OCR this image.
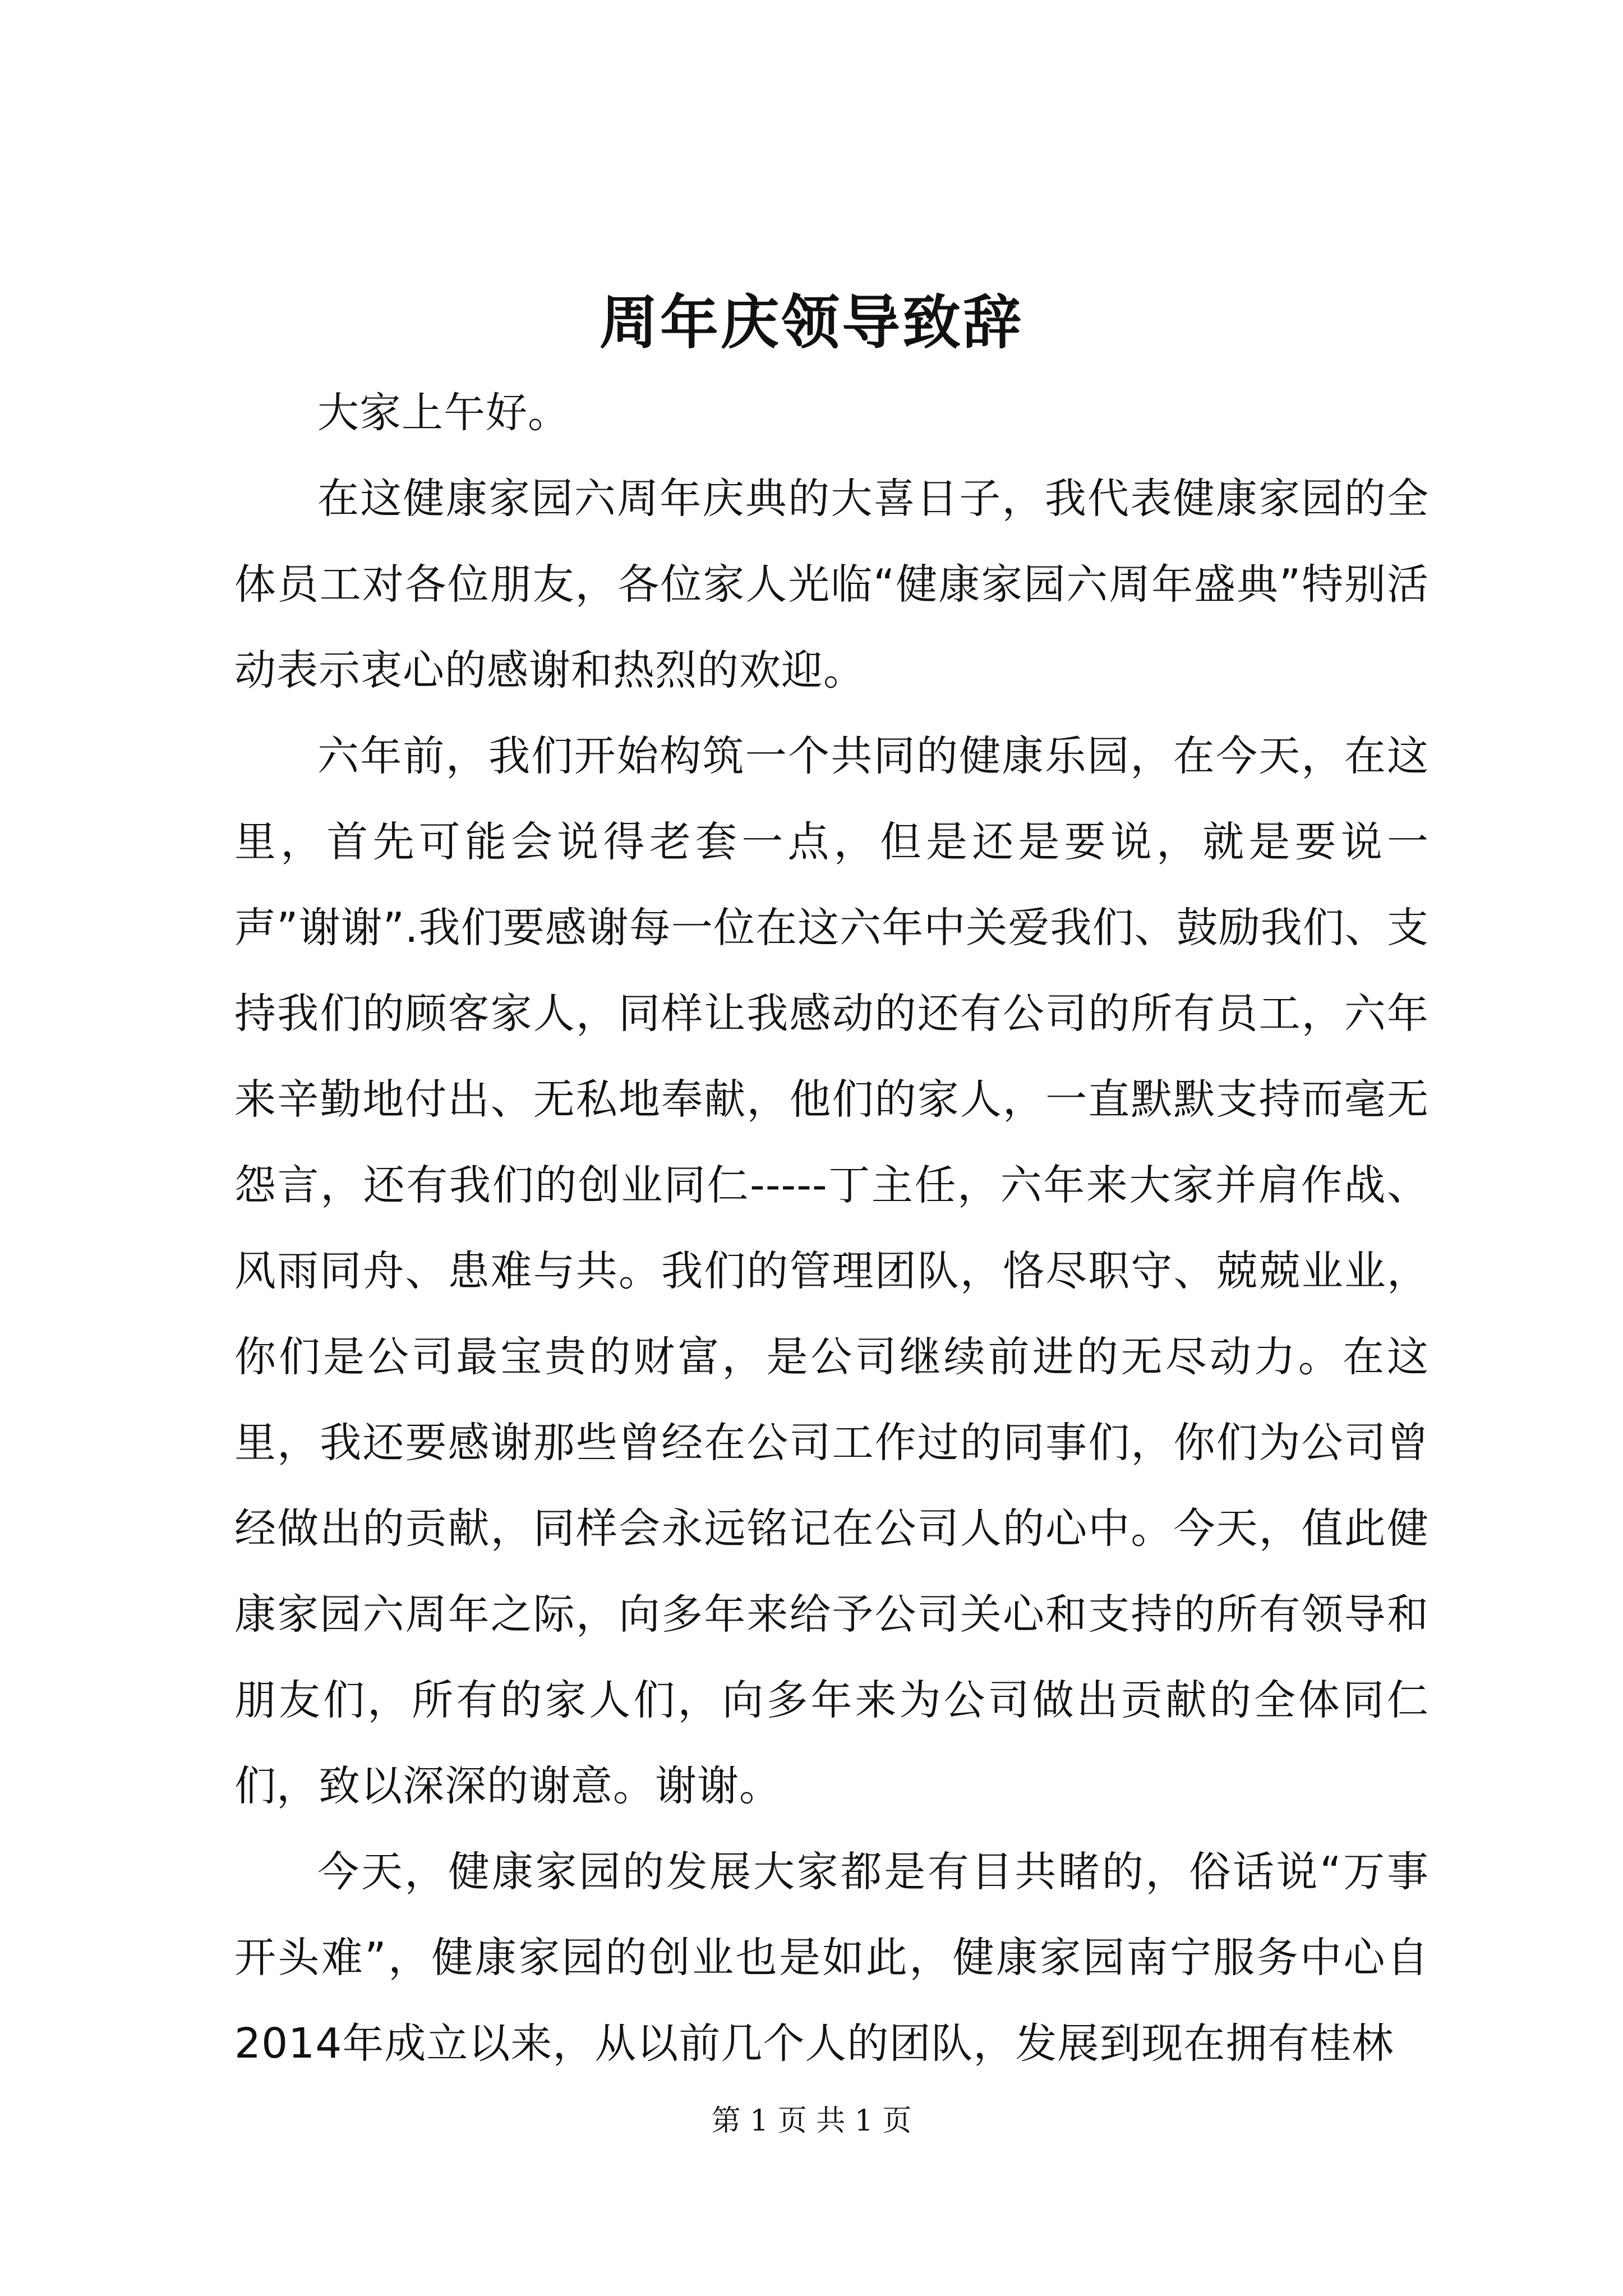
周年庆领导致辞

大家上午好。

在这健康家园六周年庆典的大喜日子，我代表健康家园的全体员工对各位朋友，各位家人光临“健康家园六周年盛典”特别活动表示衷心的感谢和热烈的欢迎。

六年前，我们开始构筑一个共同的健康乐园，在今天，在这里，首先可能会说得老套一点，但是还是要说，就是要说一声”谢谢”.我们要感谢每一位在这六年中关爱我们、鼓励我们、支持我们的顾客家人，同样让我感动的还有公司的所有员工，六年来辛勤地付出、无私地奉献，他们的家人，一直默默支持而毫无怨言，还有我们的创业同仁-----丁主任，六年来大家并肩作战、风雨同舟、患难与共。我们的管理团队，恪尽职守、兢兢业业，你们是公司最宝贵的财富，是公司继续前进的无尽动力。在这里，我还要感谢那些曾经在公司工作过的同事们，你们为公司曾经做出的贡献，同样会永远铭记在公司人的心中。今天，值此健康家园六周年之际，向多年来给予公司关心和支持的所有领导和朋友们，所有的家人们，向多年来为公司做出贡献的全体同仁们，致以深深的谢意。谢谢。

今天，健康家园的发展大家都是有目共睹的，俗话说“万事开头难”，健康家园的创业也是如此，健康家园南宁服务中心自2014年成立以来，从以前几个人的团队，发展到现在拥有桂林

第 1 页 共 1 页
